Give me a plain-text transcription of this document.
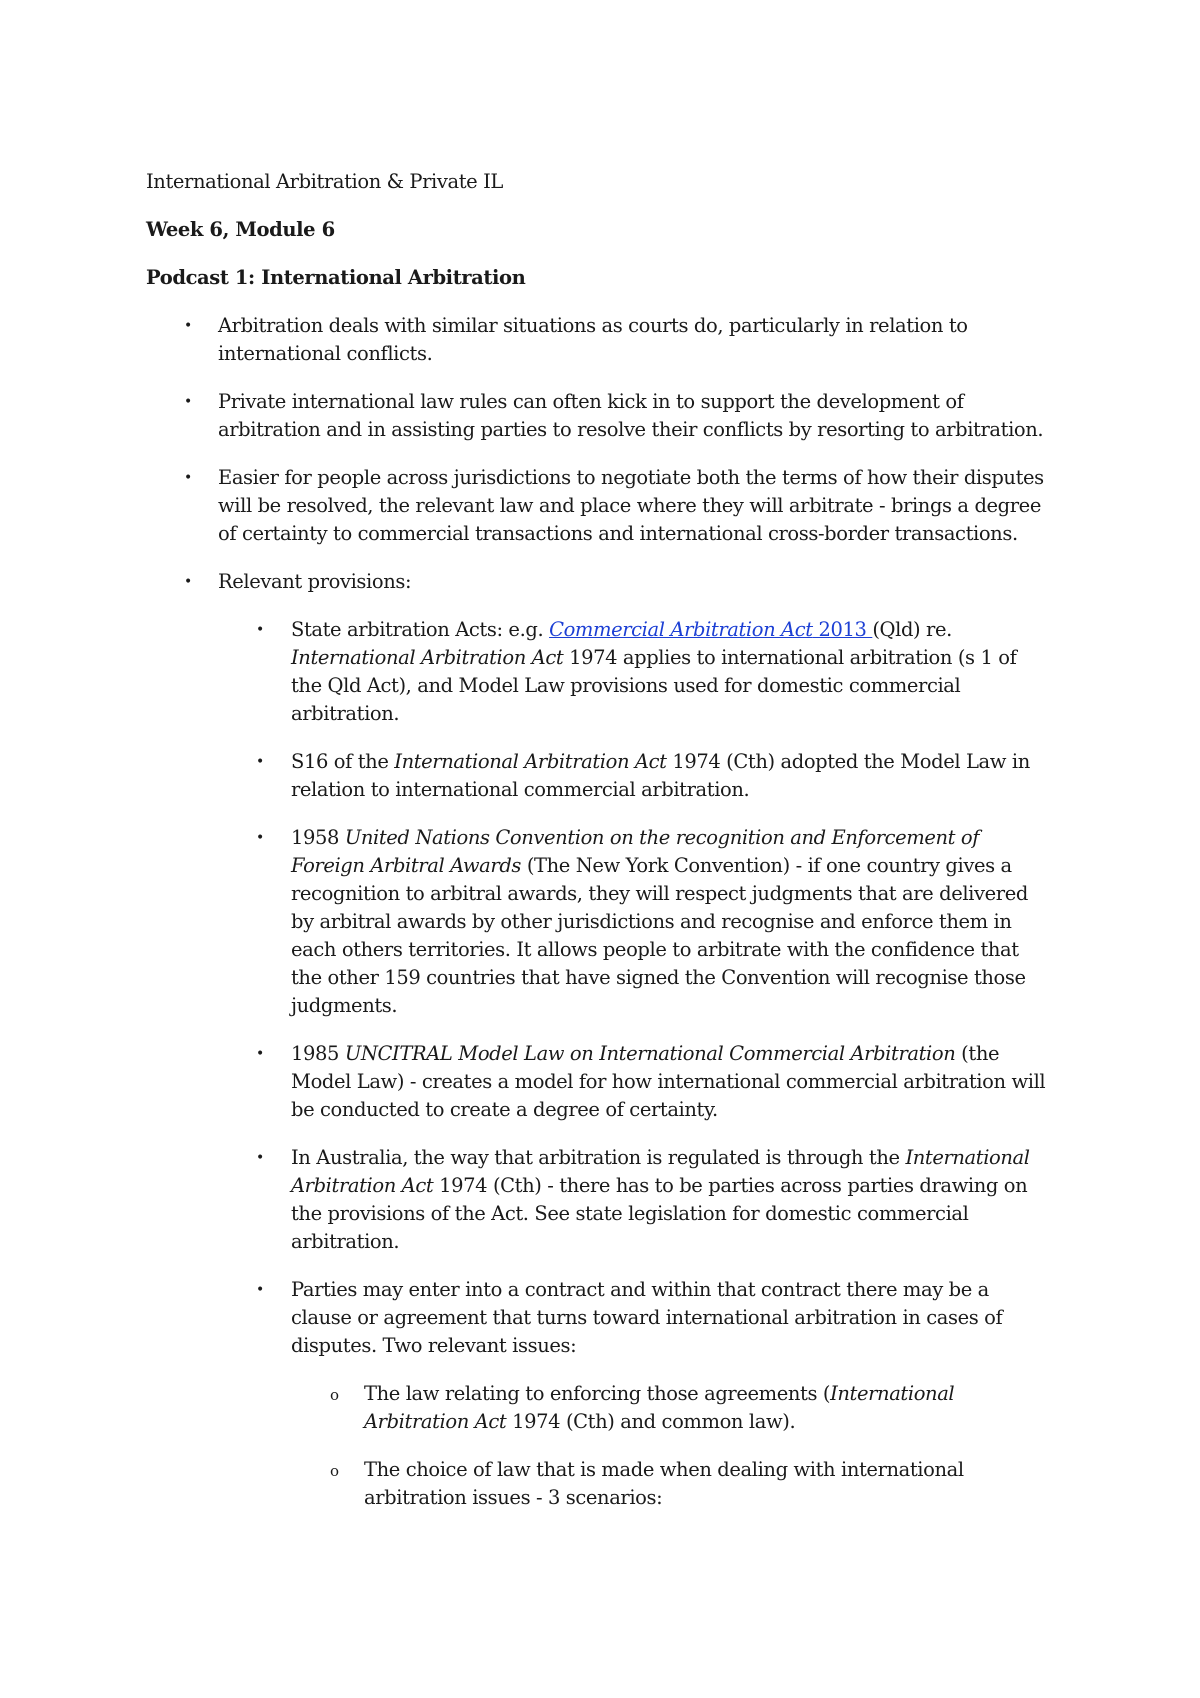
International Arbitration & Private IL

Week 6, Module 6

Podcast 1: International Arbitration

• Arbitration deals with similar situations as courts do, particularly in relation to international conflicts.
• Private international law rules can often kick in to support the development of arbitration and in assisting parties to resolve their conflicts by resorting to arbitration.
• Easier for people across jurisdictions to negotiate both the terms of how their disputes will be resolved, the relevant law and place where they will arbitrate - brings a degree of certainty to commercial transactions and international cross-border transactions.
• Relevant provisions:
• State arbitration Acts: e.g. Commercial Arbitration Act 2013 (Qld) re. International Arbitration Act 1974 applies to international arbitration (s 1 of the Qld Act), and Model Law provisions used for domestic commercial arbitration.
• S16 of the International Arbitration Act 1974 (Cth) adopted the Model Law in relation to international commercial arbitration.
• 1958 United Nations Convention on the recognition and Enforcement of Foreign Arbitral Awards (The New York Convention) - if one country gives a recognition to arbitral awards, they will respect judgments that are delivered by arbitral awards by other jurisdictions and recognise and enforce them in each others territories. It allows people to arbitrate with the confidence that the other 159 countries that have signed the Convention will recognise those judgments.
• 1985 UNCITRAL Model Law on International Commercial Arbitration (the Model Law) - creates a model for how international commercial arbitration will be conducted to create a degree of certainty.
• In Australia, the way that arbitration is regulated is through the International Arbitration Act 1974 (Cth) - there has to be parties across parties drawing on the provisions of the Act. See state legislation for domestic commercial arbitration.
• Parties may enter into a contract and within that contract there may be a clause or agreement that turns toward international arbitration in cases of disputes. Two relevant issues:
o The law relating to enforcing those agreements (International Arbitration Act 1974 (Cth) and common law).
o The choice of law that is made when dealing with international arbitration issues - 3 scenarios:
